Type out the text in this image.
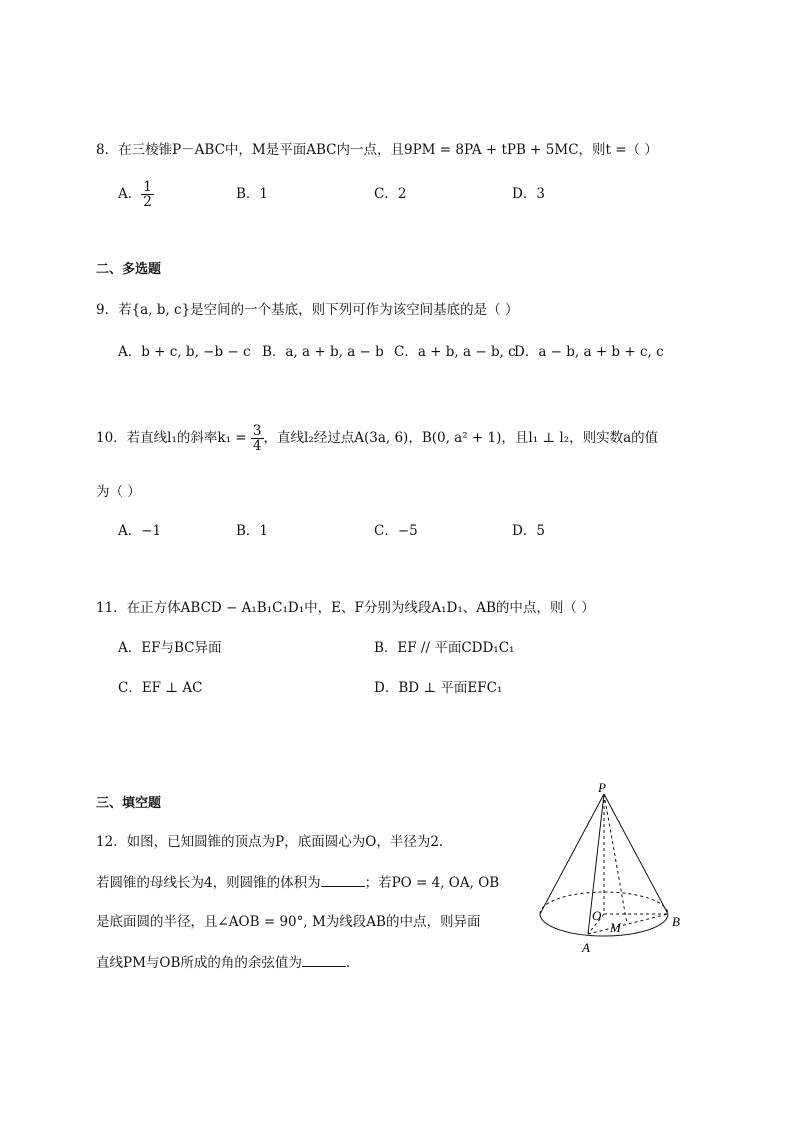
8．在三棱锥P－ABC中，M是平面ABC内一点，且9PM = 8PA + tPB + 5MC，则t =（ ）
A． $\frac{1}{2}$	B．1	C．2	D．3
二、多选题
9．若{a, b, c}是空间的一个基底，则下列可作为该空间基底的是（ ）
A．b + c, b, −b − c B．a, a + b, a − b C．a + b, a − b, c
D．a − b, a + b + c, c
10．若直线l₁的斜率$k_1 = \frac{3}{4}$ ，直线l₂经过点A(3a, 6)，B(0, a² + 1)，且l₁ ⊥ l₂，则实数a的值
为（ ）
A．−1	B．1	C．−5	D．5
11．在正方体ABCD − A₁B₁C₁D₁中，E、F分别为线段A₁D₁、AB的中点，则（ ）
A．EF与BC异面	B．EF // 平面CDD₁C₁
C．EF ⊥ AC	D．BD ⊥ 平面EFC₁
三、填空题
12．如图，已知圆锥的顶点为P，底面圆心为O，半径为2.
若圆锥的母线长为4，则圆锥的体积为	；若PO = 4, OA, OB
是底面圆的半径，且∠AOB = 90°, M为线段AB的中点，则异面
直线PM与OB所成的角的余弦值为	.
P
O
M
A
B
